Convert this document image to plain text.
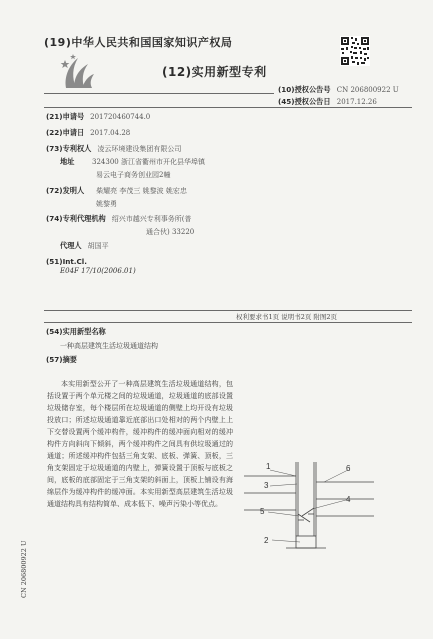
(19)中华人民共和国国家知识产权局
(12)实用新型专利
(10)授权公告号 CN 206800922 U
(45)授权公告日 2017.12.26
(21)申请号 201720460744.0
(22)申请日 2017.04.28
(73)专利权人 凌云环境建设集团有限公司
地址	324300 浙江省衢州市开化县华埠镇
易云电子商务创业园2幢
(72)发明人 柴耀亮 李茂三 姚黎波 姚宏忠
姚黎勇
(74)专利代理机构 绍兴市越兴专利事务所(普
通合伙) 33220
代理人 胡国平
(51)Int.Cl.
E04F 17/10(2006.01)
权利要求书1页 说明书2页 附图2页
(54)实用新型名称
一种高层建筑生活垃圾通道结构
(57)摘要

本实用新型公开了一种高层建筑生活垃圾通道结构，包括设置于两个单元楼之间的垃圾通道，垃圾通道的底部设置垃圾储存室，每个楼层所在垃圾通道的侧壁上均开设有垃圾投放口；所述垃圾通道靠近底部出口处相对的两个内壁上上下交替设置两个缓冲构件，缓冲构件的缓冲面向相对的缓冲构件方向斜向下倾斜，两个缓冲构件之间具有供垃圾通过的通道；所述缓冲构件包括三角支架、底板、弹簧、顶板，三角支架固定于垃圾通道的内壁上，弹簧设置于顶板与底板之间，底板的底部固定于三角支架的斜面上，顶板上铺设有海绵层作为缓冲构件的缓冲面。本实用新型高层建筑生活垃圾通道结构具有结构简单、成本低下、噪声污染小等优点。

CN 206800922 U
1
3
6
5
4
2
